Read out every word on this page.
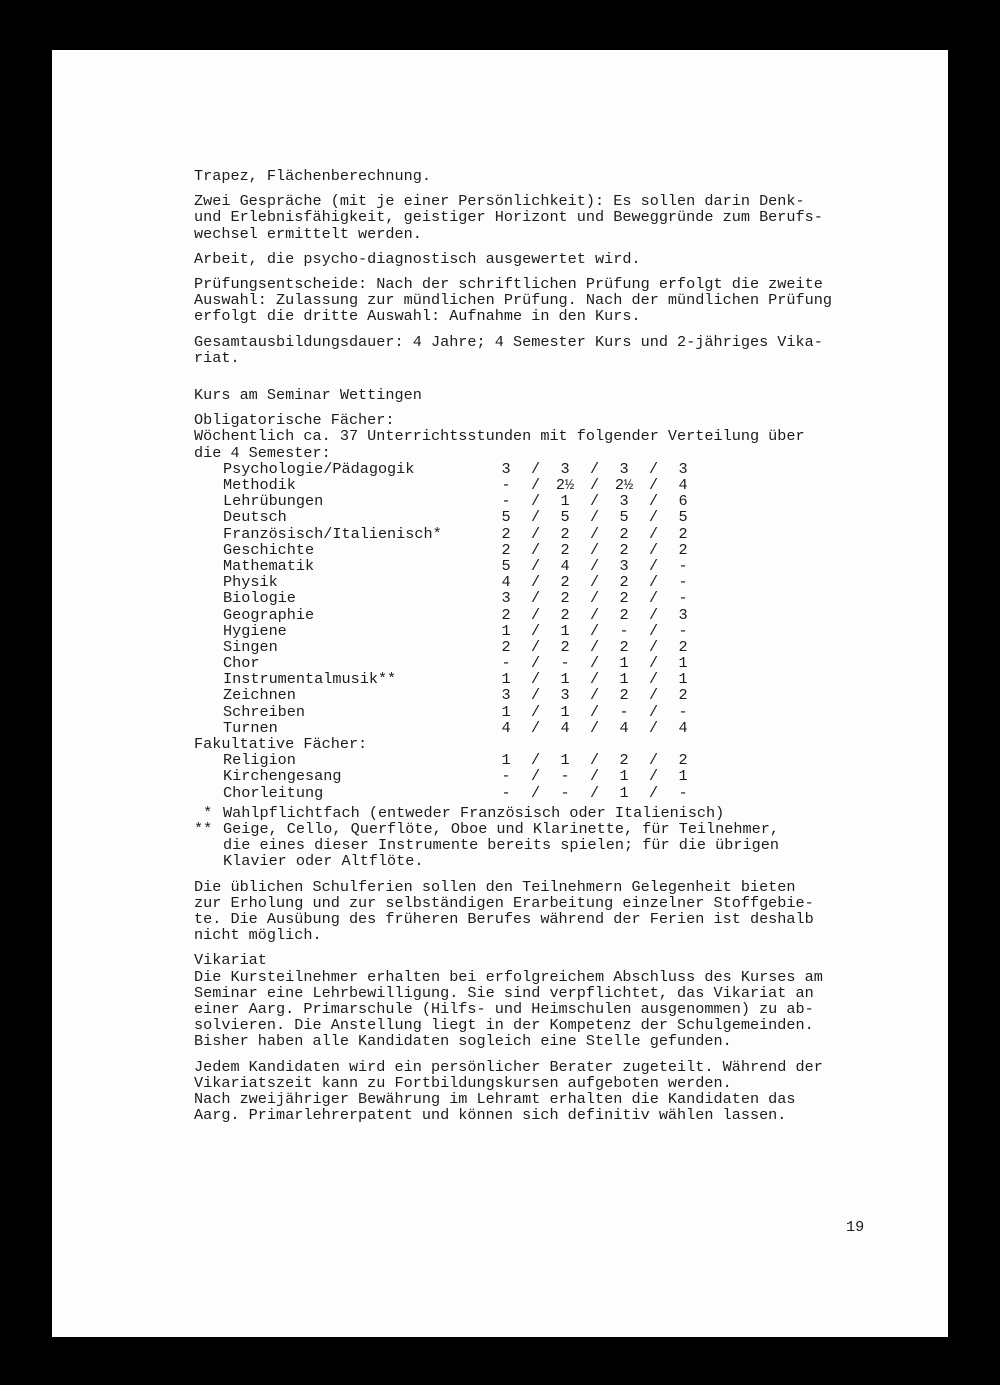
Trapez, Flächenberechnung.

Zwei Gespräche (mit je einer Persönlichkeit): Es sollen darin Denk-
und Erlebnisfähigkeit, geistiger Horizont und Beweggründe zum Berufs-
wechsel ermittelt werden.

Arbeit, die psycho-diagnostisch ausgewertet wird.

Prüfungsentscheide: Nach der schriftlichen Prüfung erfolgt die zweite
Auswahl: Zulassung zur mündlichen Prüfung. Nach der mündlichen Prüfung
erfolgt die dritte Auswahl: Aufnahme in den Kurs.

Gesamtausbildungsdauer: 4 Jahre; 4 Semester Kurs und 2-jähriges Vika-
riat.

Kurs am Seminar Wettingen

Obligatorische Fächer:

Wöchentlich ca. 37 Unterrichtsstunden mit folgender Verteilung über
die 4 Semester:

Psychologie/Pädagogik	3	/	3	/	3	/	3
Methodik	-	/	2½	/	2½	/	4
Lehrübungen	-	/	1	/	3	/	6
Deutsch	5	/	5	/	5	/	5
Französisch/Italienisch*	2	/	2	/	2	/	2
Geschichte	2	/	2	/	2	/	2
Mathematik	5	/	4	/	3	/	-
Physik	4	/	2	/	2	/	-
Biologie	3	/	2	/	2	/	-
Geographie	2	/	2	/	2	/	3
Hygiene	1	/	1	/	-	/	-
Singen	2	/	2	/	2	/	2
Chor	-	/	-	/	1	/	1
Instrumentalmusik**	1	/	1	/	1	/	1
Zeichnen	3	/	3	/	2	/	2
Schreiben	1	/	1	/	-	/	-
Turnen	4	/	4	/	4	/	4

Fakultative Fächer:

Religion	1	/	1	/	2	/	2
Kirchengesang	-	/	-	/	1	/	1
Chorleitung	-	/	-	/	1	/	-
* Wahlpflichtfach (entweder Französisch oder Italienisch)
** Geige, Cello, Querflöte, Oboe und Klarinette, für Teilnehmer,
die eines dieser Instrumente bereits spielen; für die übrigen
Klavier oder Altflöte.

Die üblichen Schulferien sollen den Teilnehmern Gelegenheit bieten
zur Erholung und zur selbständigen Erarbeitung einzelner Stoffgebie-
te. Die Ausübung des früheren Berufes während der Ferien ist deshalb
nicht möglich.

Vikariat

Die Kursteilnehmer erhalten bei erfolgreichem Abschluss des Kurses am
Seminar eine Lehrbewilligung. Sie sind verpflichtet, das Vikariat an
einer Aarg. Primarschule (Hilfs- und Heimschulen ausgenommen) zu ab-
solvieren. Die Anstellung liegt in der Kompetenz der Schulgemeinden.
Bisher haben alle Kandidaten sogleich eine Stelle gefunden.

Jedem Kandidaten wird ein persönlicher Berater zugeteilt. Während der
Vikariatszeit kann zu Fortbildungskursen aufgeboten werden.
Nach zweijähriger Bewährung im Lehramt erhalten die Kandidaten das
Aarg. Primarlehrerpatent und können sich definitiv wählen lassen.

19
